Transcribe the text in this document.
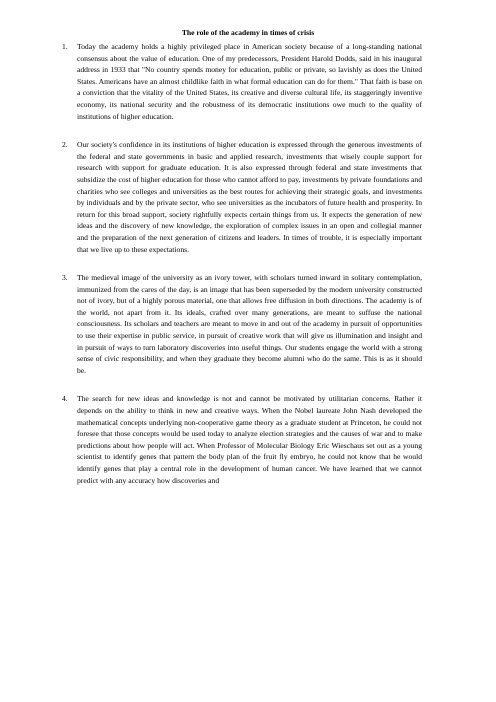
The role of the academy in times of crisis
1. Today the academy holds a highly privileged place in American society because of a long-standing national consensus about the value of education. One of my predecessors, President Harold Dodds, said in his inaugural address in 1933 that "No country spends money for education, public or private, so lavishly as does the United States. Americans have an almost childlike faith in what formal education can do for them." That faith is base on a conviction that the vitality of the United States, its creative and diverse cultural life, its staggeringly inventive economy, its national security and the robustness of its democratic institutions owe much to the quality of institutions of higher education.

2. Our society's confidence in its institutions of higher education is expressed through the generous investments of the federal and state governments in basic and applied research, investments that wisely couple support for research with support for graduate education. It is also expressed through federal and state investments that subsidize the cost of higher education for those who cannot afford to pay, investments by private foundations and charities who see colleges and universities as the best routes for achieving their strategic goals, and investments by individuals and by the private sector, who see universities as the incubators of future health and prosperity. In return for this broad support, society rightfully expects certain things from us. It expects the generation of new ideas and the discovery of new knowledge, the exploration of complex issues in an open and collegial manner and the preparation of the next generation of citizens and leaders. In times of trouble, it is especially important that we live up to these expectations.

3. The medieval image of the university as an ivory tower, with scholars turned inward in solitary contemplation, immunized from the cares of the day, is an image that has been superseded by the modern university constructed not of ivory, but of a highly porous material, one that allows free diffusion in both directions. The academy is of the world, not apart from it. Its ideals, crafted over many generations, are meant to suffuse the national consciousness. Its scholars and teachers are meant to move in and out of the academy in pursuit of opportunities to use their expertise in public service, in pursuit of creative work that will give us illumination and insight and in pursuit of ways to turn laboratory discoveries into useful things. Our students engage the world with a strong sense of civic responsibility, and when they graduate they become alumni who do the same. This is as it should be.

4. The search for new ideas and knowledge is not and cannot be motivated by utilitarian concerns. Rather it depends on the ability to think in new and creative ways. When the Nobel laureate John Nash developed the mathematical concepts underlying non-cooperative game theory as a graduate student at Princeton, he could not foresee that those concepts would be used today to analyze election strategies and the causes of war and to make predictions about how people will act. When Professor of Molecular Biology Eric Wieschaus set out as a young scientist to identify genes that pattern the body plan of the fruit fly embryo, he could not know that he would identify genes that play a central role in the development of human cancer. We have learned that we cannot predict with any accuracy how discoveries and
